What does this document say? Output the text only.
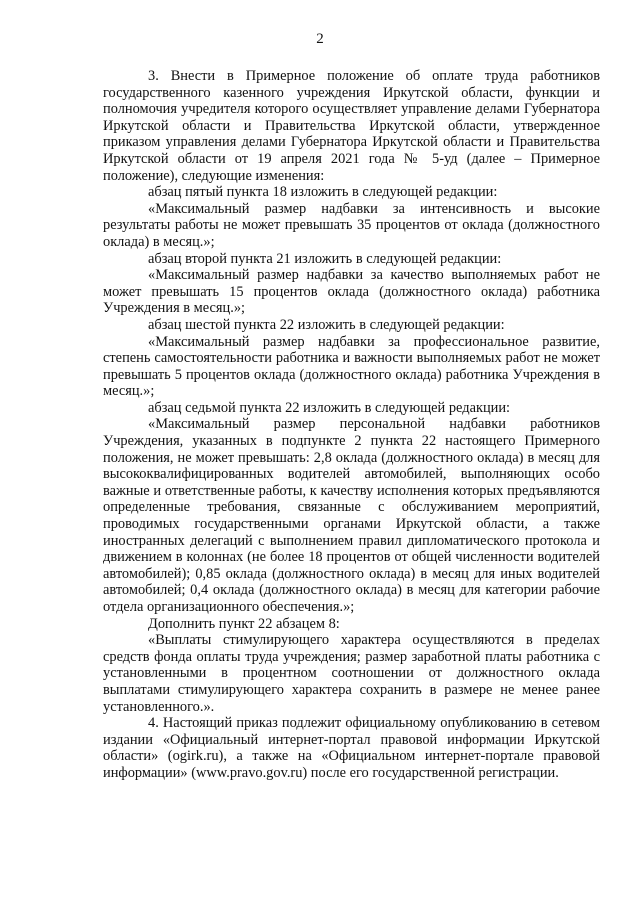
2

3. Внести в Примерное положение об оплате труда работников государственного казенного учреждения Иркутской области, функции и полномочия учредителя которого осуществляет управление делами Губернатора Иркутской области и Правительства Иркутской области, утвержденное приказом управления делами Губернатора Иркутской области и Правительства Иркутской области от 19 апреля 2021 года № 5-уд (далее – Примерное положение), следующие изменения:

абзац пятый пункта 18 изложить в следующей редакции:

«Максимальный размер надбавки за интенсивность и высокие результаты работы не может превышать 35 процентов от оклада (должностного оклада) в месяц.»;

абзац второй пункта 21 изложить в следующей редакции:

«Максимальный размер надбавки за качество выполняемых работ не может превышать 15 процентов оклада (должностного оклада) работника Учреждения в месяц.»;

абзац шестой пункта 22 изложить в следующей редакции:

«Максимальный размер надбавки за профессиональное развитие, степень самостоятельности работника и важности выполняемых работ не может превышать 5 процентов оклада (должностного оклада) работника Учреждения в месяц.»;

абзац седьмой пункта 22 изложить в следующей редакции:

«Максимальный размер персональной надбавки работников Учреждения, указанных в подпункте 2 пункта 22 настоящего Примерного положения, не может превышать: 2,8 оклада (должностного оклада) в месяц для высококвалифицированных водителей автомобилей, выполняющих особо важные и ответственные работы, к качеству исполнения которых предъявляются определенные требования, связанные с обслуживанием мероприятий, проводимых государственными органами Иркутской области, а также иностранных делегаций с выполнением правил дипломатического протокола и движением в колоннах (не более 18 процентов от общей численности водителей автомобилей); 0,85 оклада (должностного оклада) в месяц для иных водителей автомобилей; 0,4 оклада (должностного оклада) в месяц для категории рабочие отдела организационного обеспечения.»;

Дополнить пункт 22 абзацем 8:

«Выплаты стимулирующего характера осуществляются в пределах средств фонда оплаты труда учреждения; размер заработной платы работника с установленными в процентном соотношении от должностного оклада выплатами стимулирующего характера сохранить в размере не менее ранее установленного.».

4. Настоящий приказ подлежит официальному опубликованию в сетевом издании «Официальный интернет-портал правовой информации Иркутской области» (ogirk.ru), а также на «Официальном интернет-портале правовой информации» (www.pravo.gov.ru) после его государственной регистрации.
